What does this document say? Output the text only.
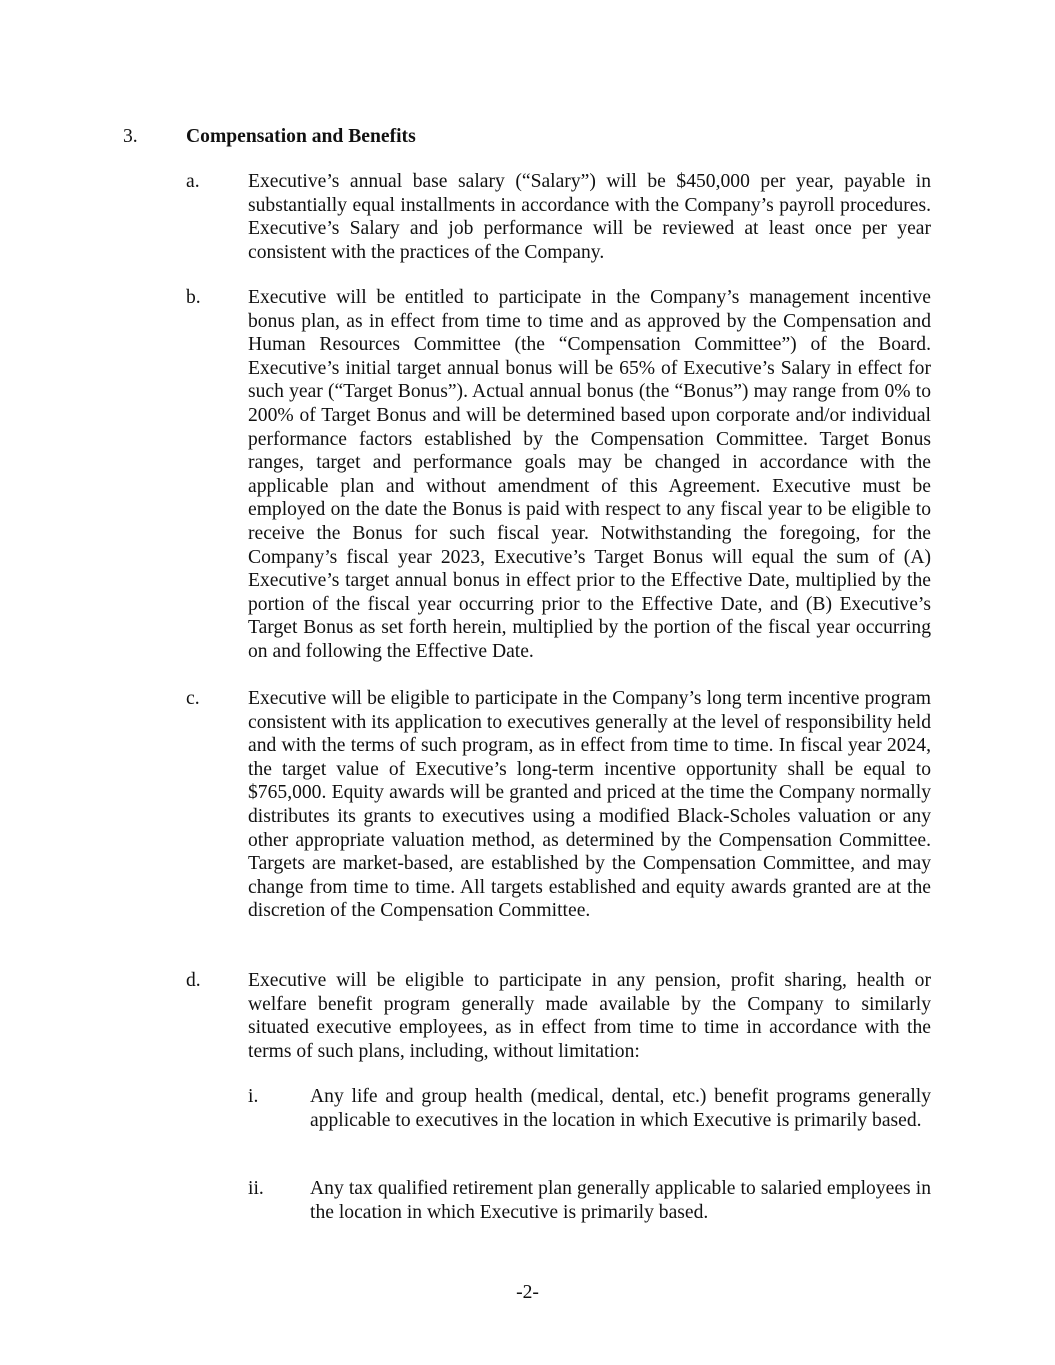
3. Compensation and Benefits
a. Executive’s annual base salary (“Salary”) will be $450,000 per year, payable in substantially equal installments in accordance with the Company’s payroll procedures. Executive’s Salary and job performance will be reviewed at least once per year consistent with the practices of the Company.
b. Executive will be entitled to participate in the Company’s management incentive bonus plan, as in effect from time to time and as approved by the Compensation and Human Resources Committee (the “Compensation Committee”) of the Board. Executive’s initial target annual bonus will be 65% of Executive’s Salary in effect for such year (“Target Bonus”). Actual annual bonus (the “Bonus”) may range from 0% to 200% of Target Bonus and will be determined based upon corporate and/or individual performance factors established by the Compensation Committee. Target Bonus ranges, target and performance goals may be changed in accordance with the applicable plan and without amendment of this Agreement. Executive must be employed on the date the Bonus is paid with respect to any fiscal year to be eligible to receive the Bonus for such fiscal year. Notwithstanding the foregoing, for the Company’s fiscal year 2023, Executive’s Target Bonus will equal the sum of (A) Executive’s target annual bonus in effect prior to the Effective Date, multiplied by the portion of the fiscal year occurring prior to the Effective Date, and (B) Executive’s Target Bonus as set forth herein, multiplied by the portion of the fiscal year occurring on and following the Effective Date.
c. Executive will be eligible to participate in the Company’s long term incentive program consistent with its application to executives generally at the level of responsibility held and with the terms of such program, as in effect from time to time. In fiscal year 2024, the target value of Executive’s long-term incentive opportunity shall be equal to $765,000. Equity awards will be granted and priced at the time the Company normally distributes its grants to executives using a modified Black-Scholes valuation or any other appropriate valuation method, as determined by the Compensation Committee. Targets are market-based, are established by the Compensation Committee, and may change from time to time. All targets established and equity awards granted are at the discretion of the Compensation Committee.
d. Executive will be eligible to participate in any pension, profit sharing, health or welfare benefit program generally made available by the Company to similarly situated executive employees, as in effect from time to time in accordance with the terms of such plans, including, without limitation:
i.	Any life and group health (medical, dental, etc.) benefit programs generally applicable to executives in the location in which Executive is primarily based.
ii. Any tax qualified retirement plan generally applicable to salaried employees in the location in which Executive is primarily based.
-2-
